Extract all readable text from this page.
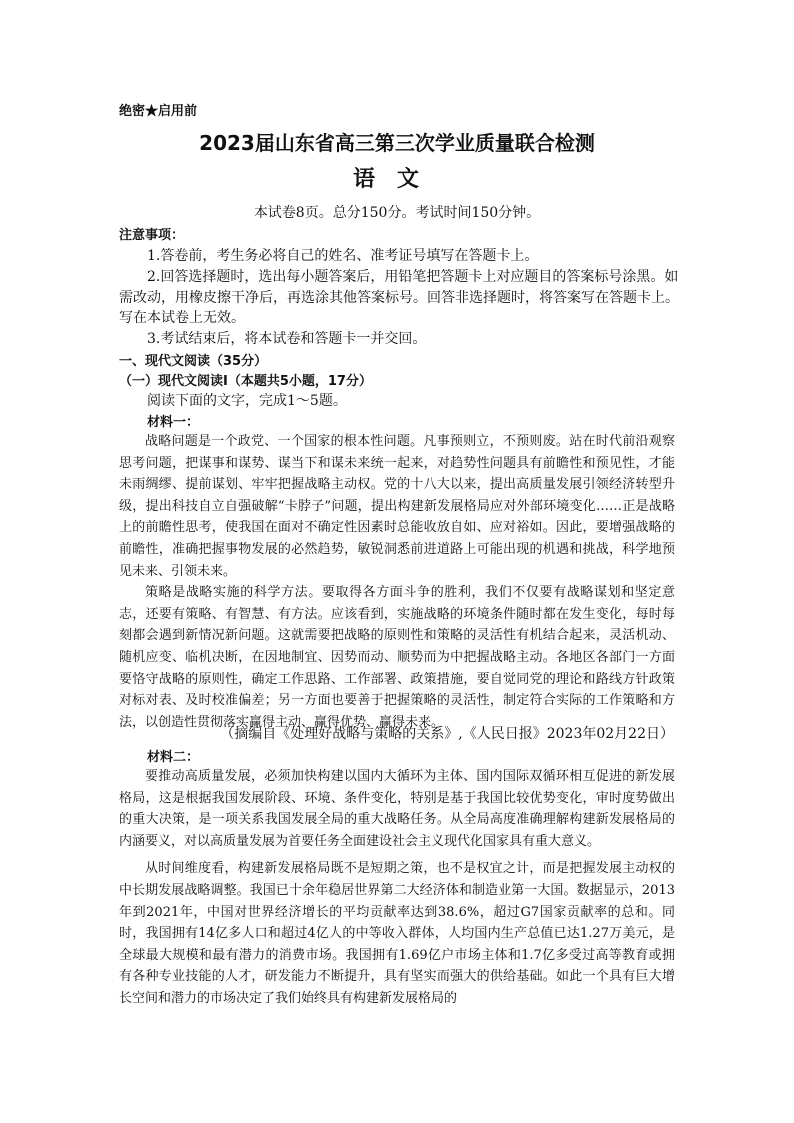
绝密★启用前
2023届山东省高三第三次学业质量联合检测
语文
本试卷8页。总分150分。考试时间150分钟。
注意事项：
1.答卷前，考生务必将自己的姓名、准考证号填写在答题卡上。
2.回答选择题时，选出每小题答案后，用铅笔把答题卡上对应题目的答案标号涂黑。如
需改动，用橡皮擦干净后，再选涂其他答案标号。回答非选择题时，将答案写在答题卡上。
写在本试卷上无效。
3.考试结束后，将本试卷和答题卡一并交回。
一、现代文阅读（35分）
（一）现代文阅读Ⅰ（本题共5小题，17分）
阅读下面的文字，完成1～5题。
材料一：

战略问题是一个政党、一个国家的根本性问题。凡事预则立，不预则废。站在时代前沿观察思考问题，把谋事和谋势、谋当下和谋未来统一起来，对趋势性问题具有前瞻性和预见性，才能未雨绸缪、提前谋划、牢牢把握战略主动权。党的十八大以来，提出高质量发展引领经济转型升级，提出科技自立自强破解“卡脖子”问题，提出构建新发展格局应对外部环境变化……正是战略上的前瞻性思考，使我国在面对不确定性因素时总能收放自如、应对裕如。因此，要增强战略的前瞻性，准确把握事物发展的必然趋势，敏锐洞悉前进道路上可能出现的机遇和挑战，科学地预见未来、引领未来。

策略是战略实施的科学方法。要取得各方面斗争的胜利，我们不仅要有战略谋划和坚定意志，还要有策略、有智慧、有方法。应该看到，实施战略的环境条件随时都在发生变化，每时每刻都会遇到新情况新问题。这就需要把战略的原则性和策略的灵活性有机结合起来，灵活机动、随机应变、临机决断，在因地制宜、因势而动、顺势而为中把握战略主动。各地区各部门一方面要恪守战略的原则性，确定工作思路、工作部署、政策措施，要自觉同党的理论和路线方针政策对标对表、及时校准偏差；另一方面也要善于把握策略的灵活性，制定符合实际的工作策略和方法，以创造性贯彻落实赢得主动、赢得优势、赢得未来。

（摘编自《处理好战略与策略的关系》,《人民日报》2023年02月22日）
材料二：

要推动高质量发展，必须加快构建以国内大循环为主体、国内国际双循环相互促进的新发展格局，这是根据我国发展阶段、环境、条件变化，特别是基于我国比较优势变化，审时度势做出的重大决策，是一项关系我国发展全局的重大战略任务。从全局高度准确理解构建新发展格局的内涵要义，对以高质量发展为首要任务全面建设社会主义现代化国家具有重大意义。

从时间维度看，构建新发展格局既不是短期之策，也不是权宜之计，而是把握发展主动权的中长期发展战略调整。我国已十余年稳居世界第二大经济体和制造业第一大国。数据显示，2013年到2021年，中国对世界经济增长的平均贡献率达到38.6%，超过G7国家贡献率的总和。同时，我国拥有14亿多人口和超过4亿人的中等收入群体，人均国内生产总值已达1.27万美元，是全球最大规模和最有潜力的消费市场。我国拥有1.69亿户市场主体和1.7亿多受过高等教育或拥有各种专业技能的人才，研发能力不断提升，具有坚实而强大的供给基础。如此一个具有巨大增长空间和潜力的市场决定了我们始终具有构建新发展格局的
